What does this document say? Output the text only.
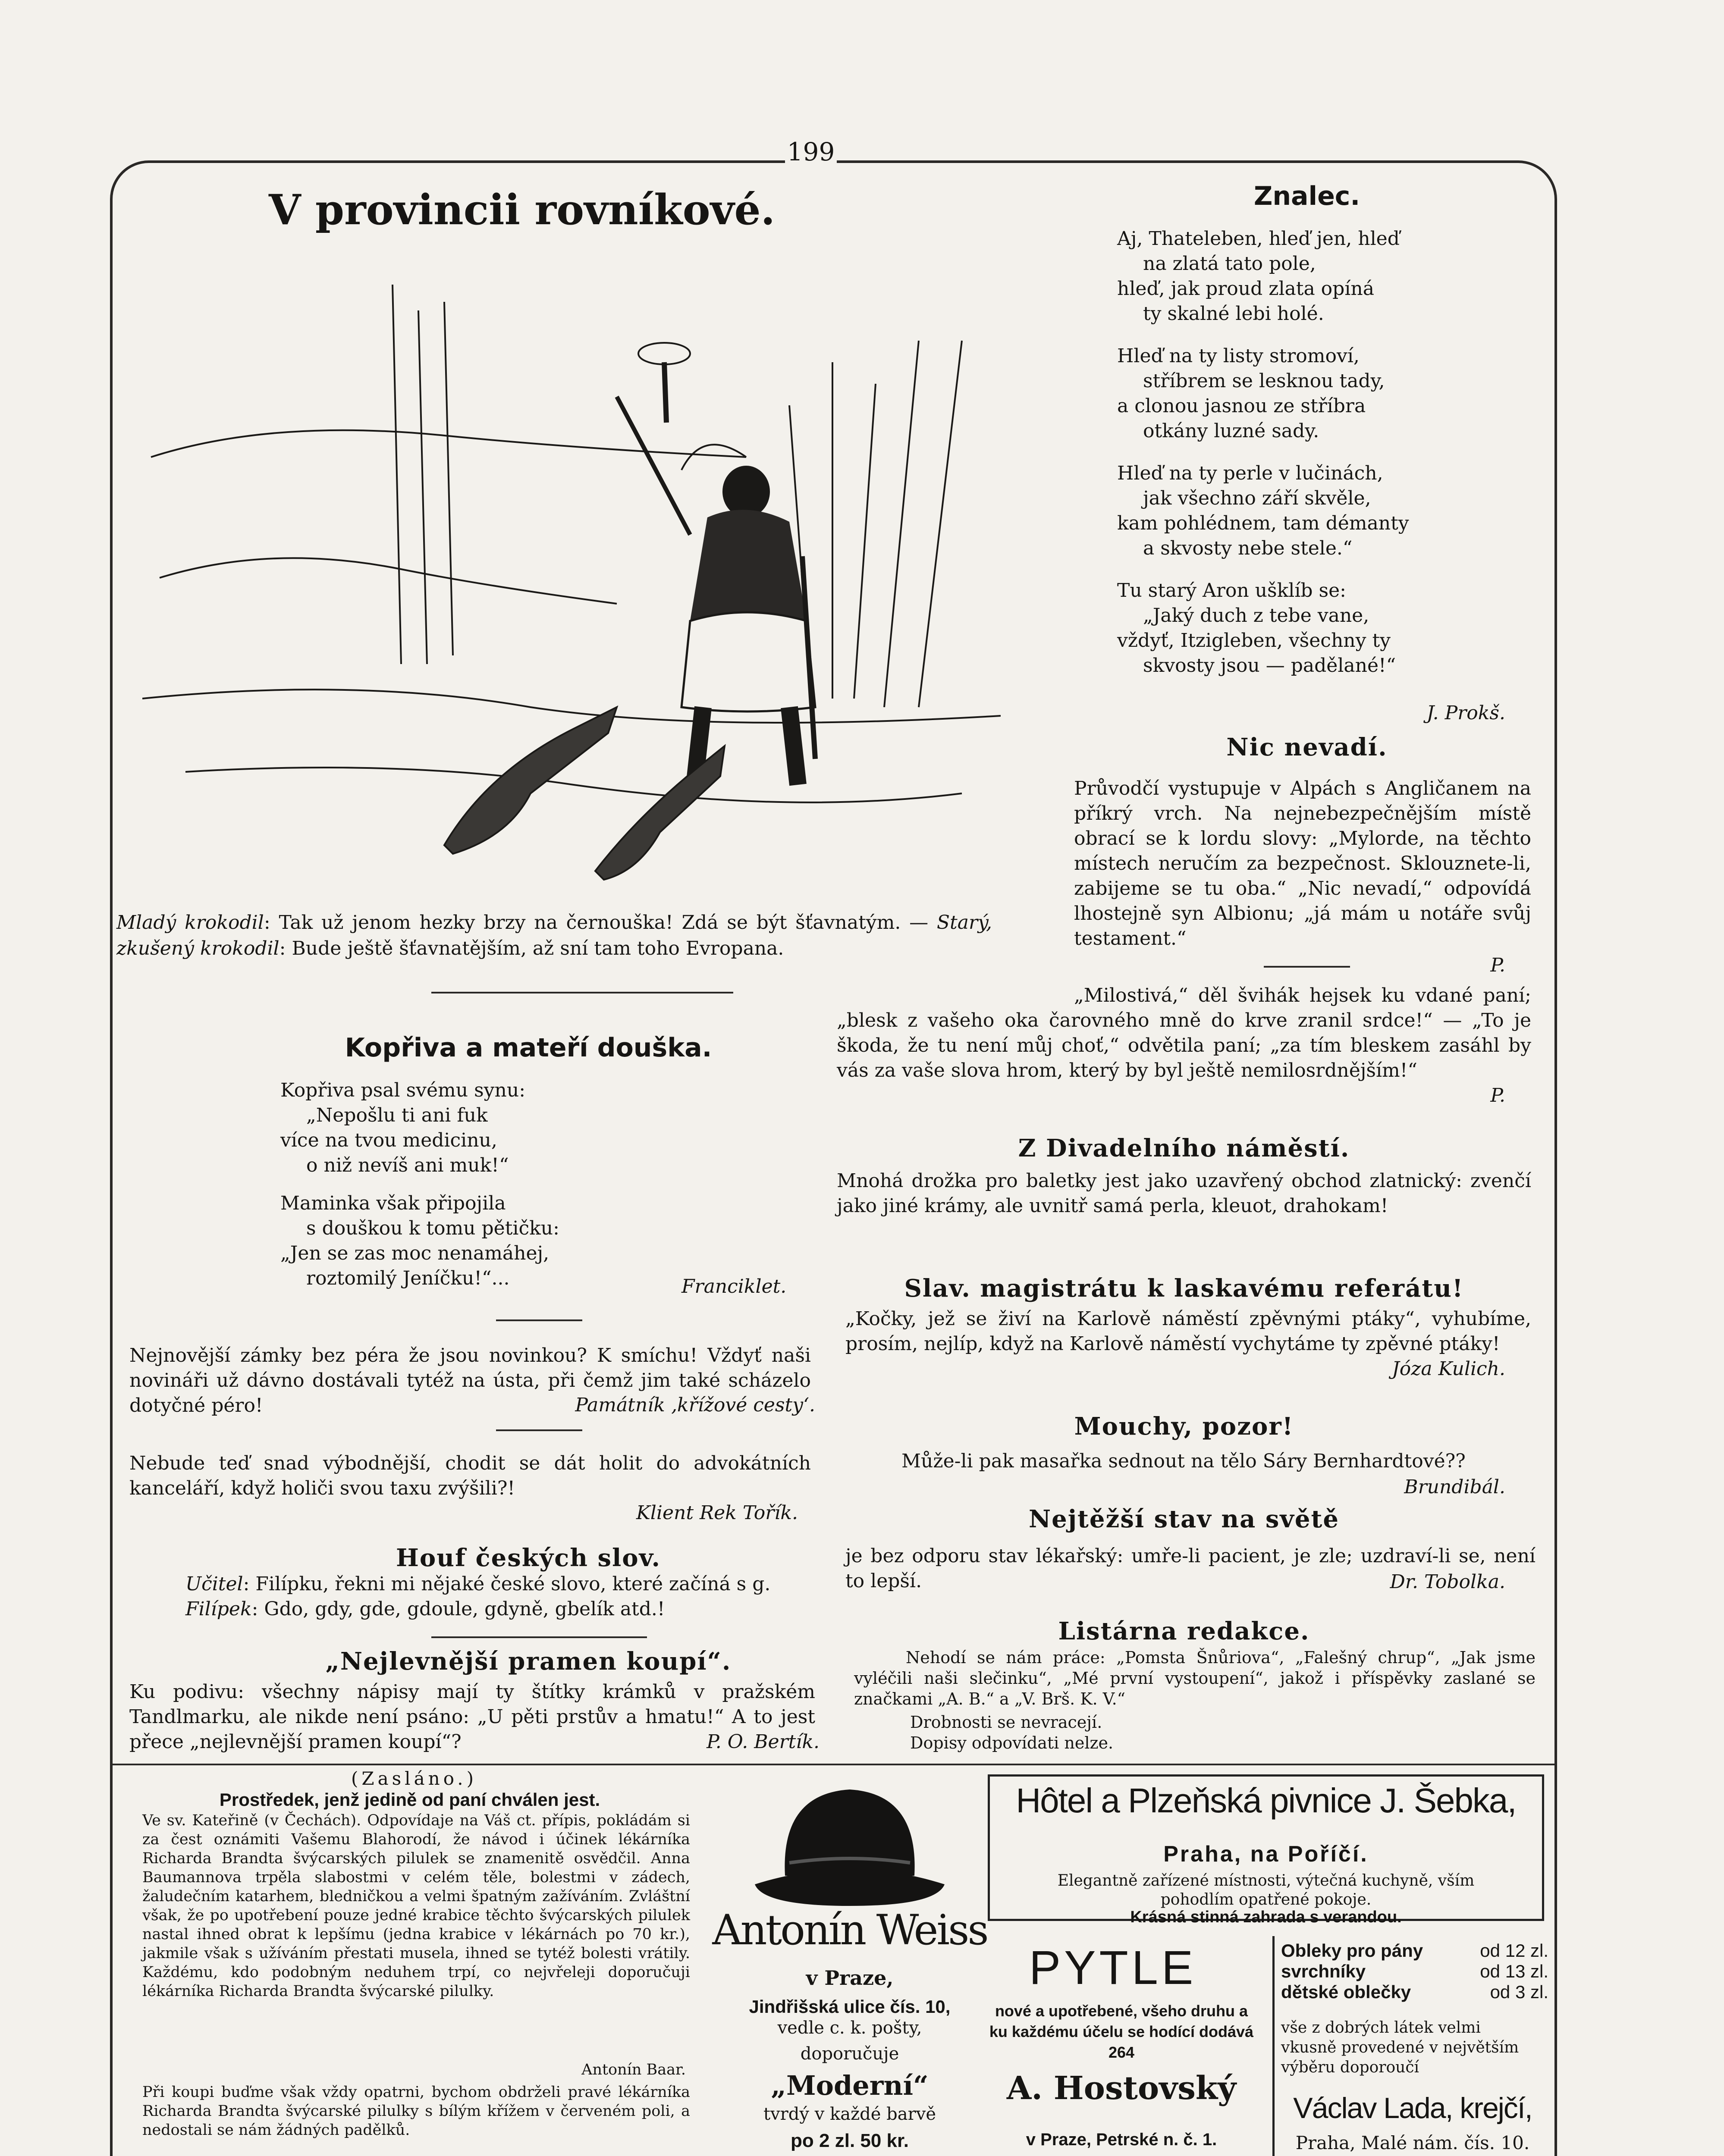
199
V provincii rovníkové.
Mladý krokodil: Tak už jenom hezky brzy na černouška! Zdá se být šťavnatým. — Starý, zkušený krokodil: Bude ještě šťavnatějším, až sní tam toho Evropana.
Kopřiva a mateří douška.

Kopřiva psal svému synu:

„Nepošlu ti ani fuk

více na tvou medicinu,

o niž nevíš ani muk!“

Maminka však připojila

s douškou k tomu pětičku:

„Jen se zas moc nenamáhej,

roztomilý Jeníčku!“...	Franciklet.
Nejnovější zámky bez péra že jsou novinkou? K smíchu! Vždyť naši novináři už dávno dostávali tytéž na ústa, při čemž jim také scházelo dotyčné péro!	Památník ‚křížové cesty‘.
Nebude teď snad výbodnější, chodit se dát holit do advokátních kanceláří, když holiči svou taxu zvýšili?!
Klient Rek Tořík.
Houf českých slov.
Učitel: Filípku, řekni mi nějaké české slovo, které začíná s g.
Filípek: Gdo, gdy, gde, gdoule, gdyně, gbelík atd.!
„Nejlevnější pramen koupí“.
Ku podivu: všechny nápisy mají ty štítky krámků v pražském Tandlmarku, ale nikde není psáno: „U pěti prstův a hmatu!“ A to jest přece „nejlevnější pramen koupí“?	P. O. Bertík.
Znalec.

Aj, Thateleben, hleď jen, hleď

na zlatá tato pole,

hleď, jak proud zlata opíná

ty skalné lebi holé.

Hleď na ty listy stromoví,

stříbrem se lesknou tady,

a clonou jasnou ze stříbra

otkány luzné sady.

Hleď na ty perle v lučinách,

jak všechno září skvěle,

kam pohlédnem, tam démanty

a skvosty nebe stele.“

Tu starý Aron ušklíb se:

„Jaký duch z tebe vane,

vždyť, Itzigleben, všechny ty

skvosty jsou — padělané!“

J. Prokš.
Nic nevadí.
Průvodčí vystupuje v Alpách s Angličanem na příkrý vrch. Na nejnebezpečnějším místě obrací se k lordu slovy: „Mylorde, na těchto místech neručím za bezpečnost. Sklouznete-li, zabijeme se tu oba.“ „Nic nevadí,“ odpovídá lhostejně syn Albionu; „já mám u notáře svůj testament.“
P.
„Milostivá,“ děl švihák hejsek ku vdané paní; „blesk z vašeho oka čarovného mně do krve zranil srdce!“ — „To je škoda, že tu není můj choť,“ odvětila paní; „za tím bleskem zasáhl by vás za vaše slova hrom, který by byl ještě nemilosrdnějším!“
P.
Z Divadelního náměstí.
Mnohá drožka pro baletky jest jako uzavřený obchod zlatnický: zvenčí jako jiné krámy, ale uvnitř samá perla, kleuot, drahokam!
Slav. magistrátu k laskavému referátu!
„Kočky, jež se živí na Karlově náměstí zpěvnými ptáky“, vyhubíme, prosím, nejlíp, když na Karlově náměstí vychytáme ty zpěvné ptáky!
Józa Kulich.
Mouchy, pozor!
Může-li pak masařka sednout na tělo Sáry Bernhardtové??
Brundibál.
Nejtěžší stav na světě
je bez odporu stav lékařský: umře-li pacient, je zle; uzdraví-li se, není to lepší.	Dr. Tobolka.
Listárna redakce.
Nehodí se nám práce: „Pomsta Šnůriova“, „Falešný chrup“, „Jak jsme vyléčili naši slečinku“, „Mé první vystoupení“, jakož i příspěvky zaslané se značkami „A. B.“ a „V. Brš. K. V.“
Drobnosti se nevracejí.
Dopisy odpovídati nelze.
(Zasláno.)
Prostředek, jenž jedině od paní chválen jest.
Ve sv. Kateřině (v Čechách). Odpovídaje na Váš ct. přípis, pokládám si za čest oznámiti Vašemu Blahorodí, že návod i účinek lékárníka Richarda Brandta švýcarských pilulek se znamenitě osvědčil. Anna Baumannova trpěla slabostmi v celém těle, bolestmi v zádech, žaludečním katarhem, bledničkou a velmi špatným zažíváním. Zvláštní však, že po upotřebení pouze jedné krabice těchto švýcarských pilulek nastal ihned obrat k lepšímu (jedna krabice v lékárnách po 70 kr.), jakmile však s užíváním přestati musela, ihned se tytéž bolesti vrátily. Každému, kdo podobným neduhem trpí, co nejvřeleji doporučuji lékárníka Richarda Brandta švýcarské pilulky.
Antonín Baar.
Při koupi buďme však vždy opatrni, bychom obdrželi pravé lékárníka Richarda Brandta švýcarské pilulky s bílým křížem v červeném poli, a nedostali se nám žádných padělků.
Antonín Weiss
v Praze,
Jindřišská ulice čís. 10,
vedle c. k. pošty,
doporučuje
„Moderní“
tvrdý v každé barvě
po 2 zl. 50 kr.
Hôtel a Plzeňská pivnice J. Šebka,
Praha, na Poříčí.
Elegantně zařízené místnosti, výtečná kuchyně, vším pohodlím opatřené pokoje.
Krásná stinná zahrada s verandou.
PYTLE
nové a upotřebené, všeho druhu a ku každému účelu se hodící dodává 264
A. Hostovský
v Praze, Petrské n. č. 1.
Obleky pro pány	od 12 zl.
svrchníky	od 13 zl.
dětské oblečky	od 3 zl.
vše z dobrých látek velmi vkusně provedené v největším výběru doporoučí
Václav Lada, krejčí,
Praha, Malé nám. čís. 10.
